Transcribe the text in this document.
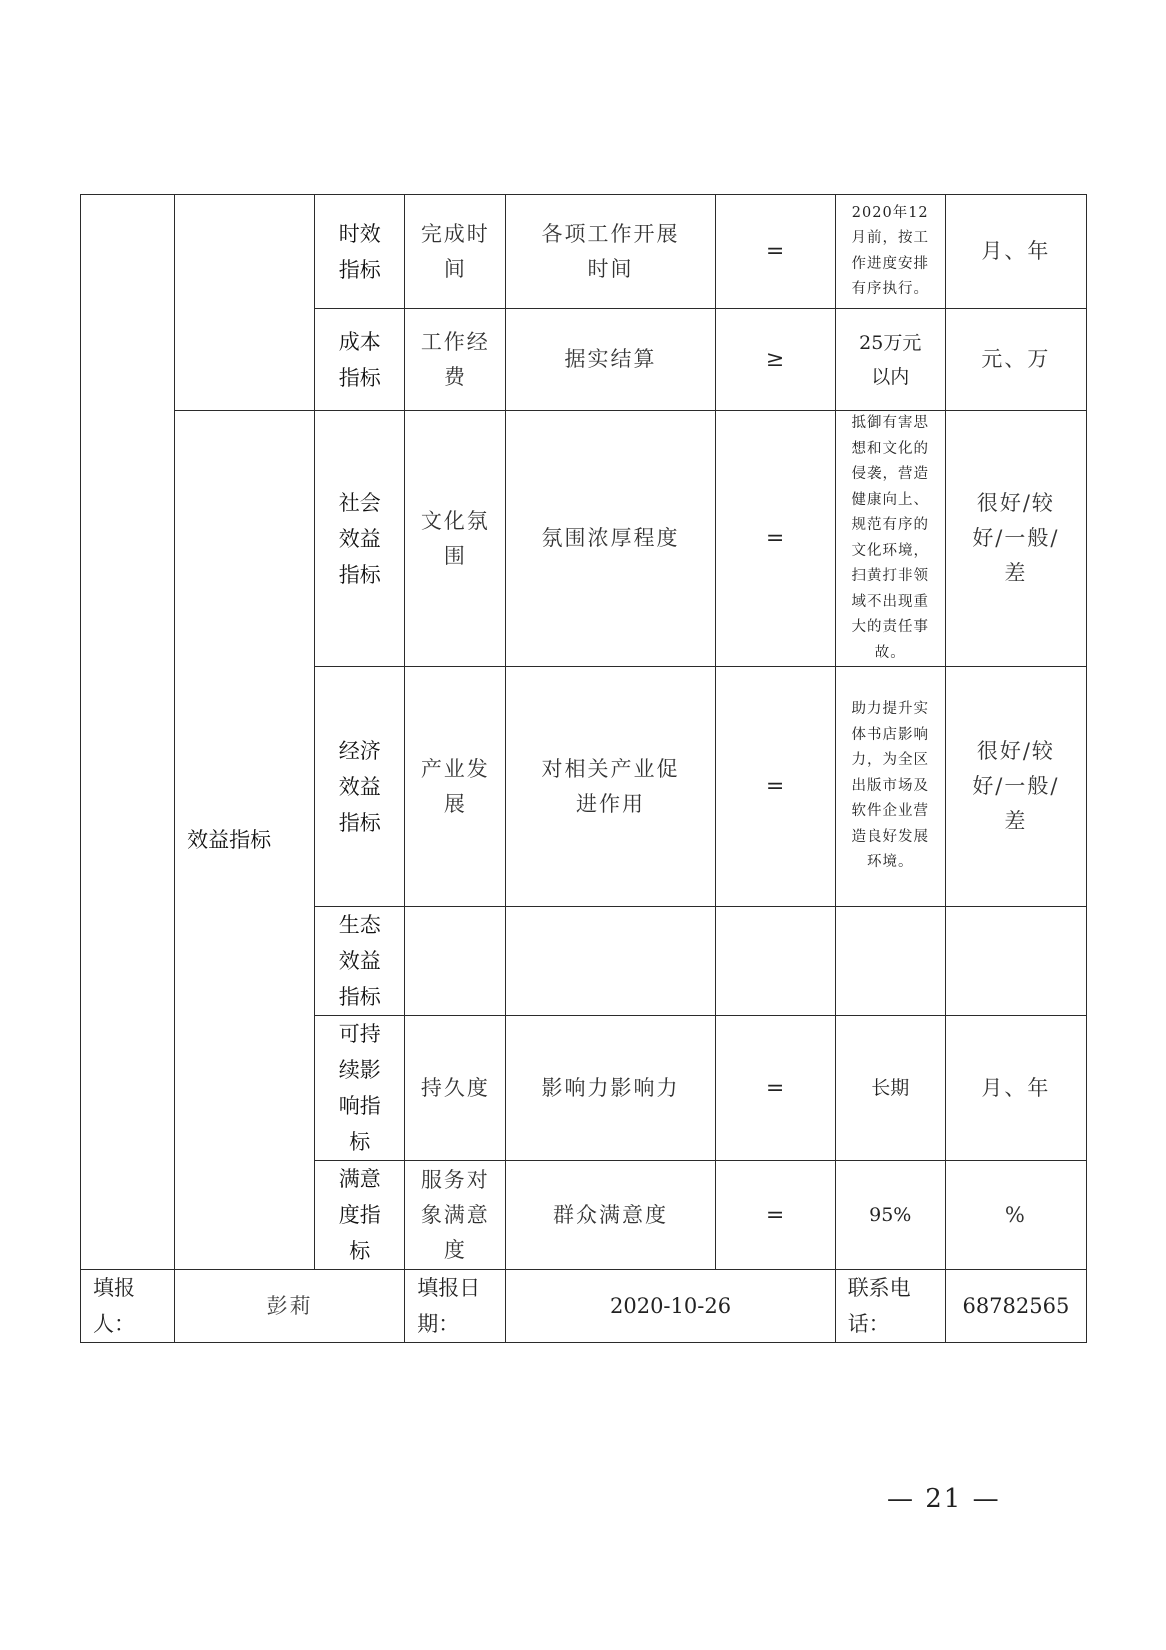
		时效指标	完成时间	各项工作开展时间	=	2020年12月前，按工作进度安排有序执行。	月、年

		成本指标	工作经费	据实结算	≥	25万元以内	元、万
	效益指标	社会效益指标	文化氛围	氛围浓厚程度	=	抵御有害思想和文化的侵袭，营造健康向上、规范有序的文化环境，扫黄打非领域不出现重大的责任事故。	很好/较好/一般/差

		经济效益指标	产业发展	对相关产业促进作用	=	助力提升实体书店影响力，为全区出版市场及软件企业营造良好发展环境。	很好/较好/一般/差

		生态效益指标					

		可持续影响指标	持久度	影响力影响力	=	长期	月、年

		满意度指标	服务对象满意度	群众满意度	=	95%	%

填报人：	彭莉		填报日期：	2020-10-26		联系电话：	68782565
— 21 —
